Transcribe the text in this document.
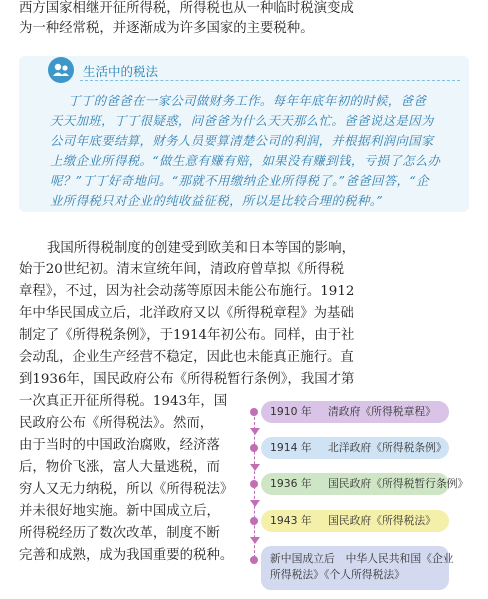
西方国家相继开征所得税，所得税也从一种临时税演变成
为一种经常税，并逐渐成为许多国家的主要税种。
生活中的税法
丁丁的爸爸在一家公司做财务工作。每年年底年初的时候，爸爸
天天加班，丁丁很疑惑，问爸爸为什么天天那么忙。爸爸说这是因为
公司年底要结算，财务人员要算清楚公司的利润，并根据利润向国家
上缴企业所得税。“做生意有赚有赔，如果没有赚到钱，亏损了怎么办
呢？”丁丁好奇地问。“那就不用缴纳企业所得税了。”爸爸回答，“企
业所得税只对企业的纯收益征税，所以是比较合理的税种。”
我国所得税制度的创建受到欧美和日本等国的影响，
始于20世纪初。清末宣统年间，清政府曾草拟《所得税
章程》，不过，因为社会动荡等原因未能公布施行。1912
年中华民国成立后，北洋政府又以《所得税章程》为基础
制定了《所得税条例》，于1914年初公布。同样，由于社
会动乱，企业生产经营不稳定，因此也未能真正施行。直
到1936年，国民政府公布《所得税暂行条例》，我国才第
一次真正开征所得税。1943年，国
民政府公布《所得税法》。然而，
由于当时的中国政治腐败，经济落
后，物价飞涨，富人大量逃税，而
穷人又无力纳税，所以《所得税法》
并未很好地实施。新中国成立后，
所得税经历了数次改革，制度不断
完善和成熟，成为我国重要的税种。
1910 年 清政府《所得税章程》
1914 年 北洋政府《所得税条例》
1936 年 国民政府《所得税暂行条例》
1943 年 国民政府《所得税法》
新中国成立后　中华人民共和国《企业
所得税法》《个人所得税法》
